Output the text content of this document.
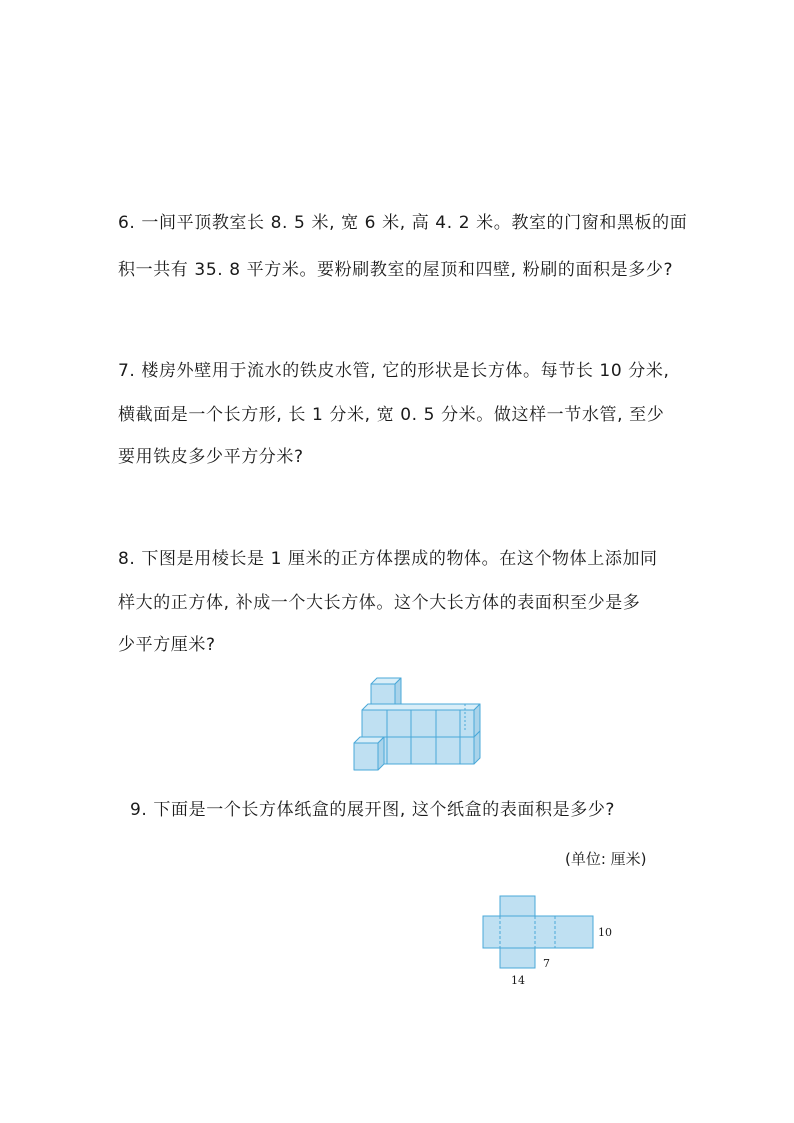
6. 一间平顶教室长 8. 5 米, 宽 6 米, 高 4. 2 米。教室的门窗和黑板的面
积一共有 35. 8 平方米。要粉刷教室的屋顶和四壁, 粉刷的面积是多少?
7. 楼房外壁用于流水的铁皮水管, 它的形状是长方体。每节长 10 分米,
横截面是一个长方形, 长 1 分米, 宽 0. 5 分米。做这样一节水管, 至少
要用铁皮多少平方分米?
8. 下图是用棱长是 1 厘米的正方体摆成的物体。在这个物体上添加同
样大的正方体, 补成一个大长方体。这个大长方体的表面积至少是多
少平方厘米?
9. 下面是一个长方体纸盒的展开图, 这个纸盒的表面积是多少?
(单位: 厘米)
10
7
14
